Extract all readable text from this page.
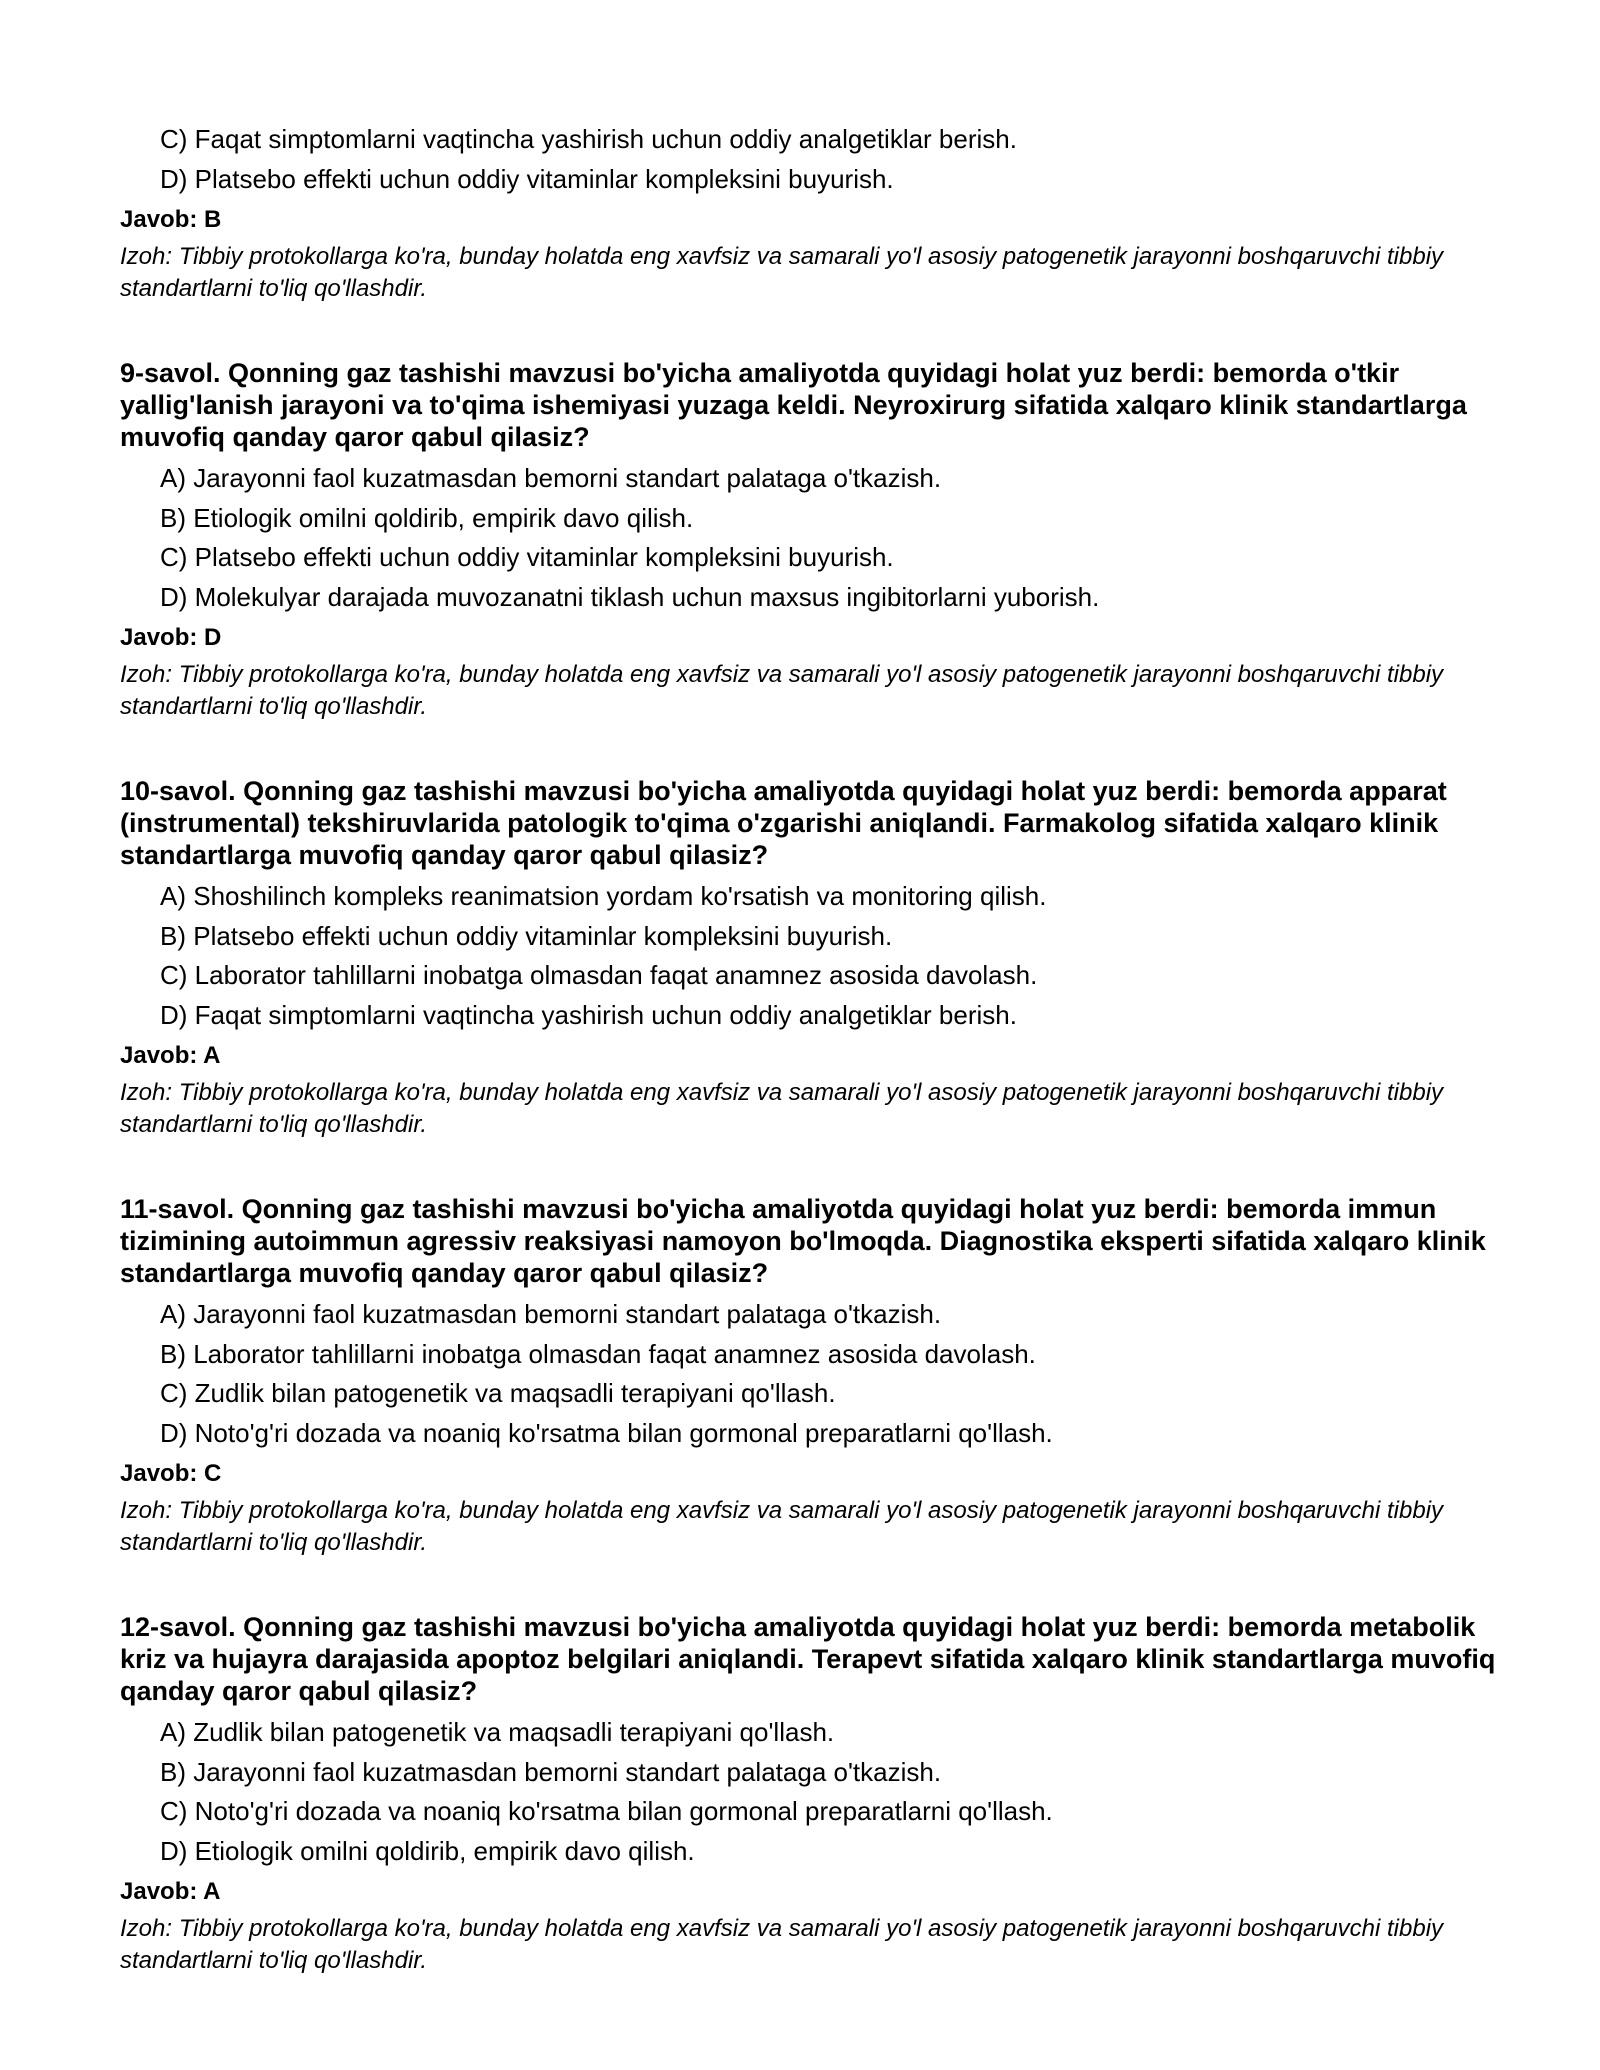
C) Faqat simptomlarni vaqtincha yashirish uchun oddiy analgetiklar berish.
D) Platsebo effekti uchun oddiy vitaminlar kompleksini buyurish.
Javob: B
Izoh: Tibbiy protokollarga ko'ra, bunday holatda eng xavfsiz va samarali yo'l asosiy patogenetik jarayonni boshqaruvchi tibbiy standartlarni to'liq qo'llashdir.

9-savol. Qonning gaz tashishi mavzusi bo'yicha amaliyotda quyidagi holat yuz berdi: bemorda o'tkir yallig'lanish jarayoni va to'qima ishemiyasi yuzaga keldi. Neyroxirurg sifatida xalqaro klinik standartlarga muvofiq qanday qaror qabul qilasiz?

A) Jarayonni faol kuzatmasdan bemorni standart palataga o'tkazish.
B) Etiologik omilni qoldirib, empirik davo qilish.
C) Platsebo effekti uchun oddiy vitaminlar kompleksini buyurish.
D) Molekulyar darajada muvozanatni tiklash uchun maxsus ingibitorlarni yuborish.
Javob: D
Izoh: Tibbiy protokollarga ko'ra, bunday holatda eng xavfsiz va samarali yo'l asosiy patogenetik jarayonni boshqaruvchi tibbiy standartlarni to'liq qo'llashdir.

10-savol. Qonning gaz tashishi mavzusi bo'yicha amaliyotda quyidagi holat yuz berdi: bemorda apparat (instrumental) tekshiruvlarida patologik to'qima o'zgarishi aniqlandi. Farmakolog sifatida xalqaro klinik standartlarga muvofiq qanday qaror qabul qilasiz?

A) Shoshilinch kompleks reanimatsion yordam ko'rsatish va monitoring qilish.
B) Platsebo effekti uchun oddiy vitaminlar kompleksini buyurish.
C) Laborator tahlillarni inobatga olmasdan faqat anamnez asosida davolash.
D) Faqat simptomlarni vaqtincha yashirish uchun oddiy analgetiklar berish.
Javob: A
Izoh: Tibbiy protokollarga ko'ra, bunday holatda eng xavfsiz va samarali yo'l asosiy patogenetik jarayonni boshqaruvchi tibbiy standartlarni to'liq qo'llashdir.

11-savol. Qonning gaz tashishi mavzusi bo'yicha amaliyotda quyidagi holat yuz berdi: bemorda immun tizimining autoimmun agressiv reaksiyasi namoyon bo'lmoqda. Diagnostika eksperti sifatida xalqaro klinik standartlarga muvofiq qanday qaror qabul qilasiz?

A) Jarayonni faol kuzatmasdan bemorni standart palataga o'tkazish.
B) Laborator tahlillarni inobatga olmasdan faqat anamnez asosida davolash.
C) Zudlik bilan patogenetik va maqsadli terapiyani qo'llash.
D) Noto'g'ri dozada va noaniq ko'rsatma bilan gormonal preparatlarni qo'llash.
Javob: C
Izoh: Tibbiy protokollarga ko'ra, bunday holatda eng xavfsiz va samarali yo'l asosiy patogenetik jarayonni boshqaruvchi tibbiy standartlarni to'liq qo'llashdir.

12-savol. Qonning gaz tashishi mavzusi bo'yicha amaliyotda quyidagi holat yuz berdi: bemorda metabolik kriz va hujayra darajasida apoptoz belgilari aniqlandi. Terapevt sifatida xalqaro klinik standartlarga muvofiq qanday qaror qabul qilasiz?

A) Zudlik bilan patogenetik va maqsadli terapiyani qo'llash.
B) Jarayonni faol kuzatmasdan bemorni standart palataga o'tkazish.
C) Noto'g'ri dozada va noaniq ko'rsatma bilan gormonal preparatlarni qo'llash.
D) Etiologik omilni qoldirib, empirik davo qilish.
Javob: A
Izoh: Tibbiy protokollarga ko'ra, bunday holatda eng xavfsiz va samarali yo'l asosiy patogenetik jarayonni boshqaruvchi tibbiy standartlarni to'liq qo'llashdir.
